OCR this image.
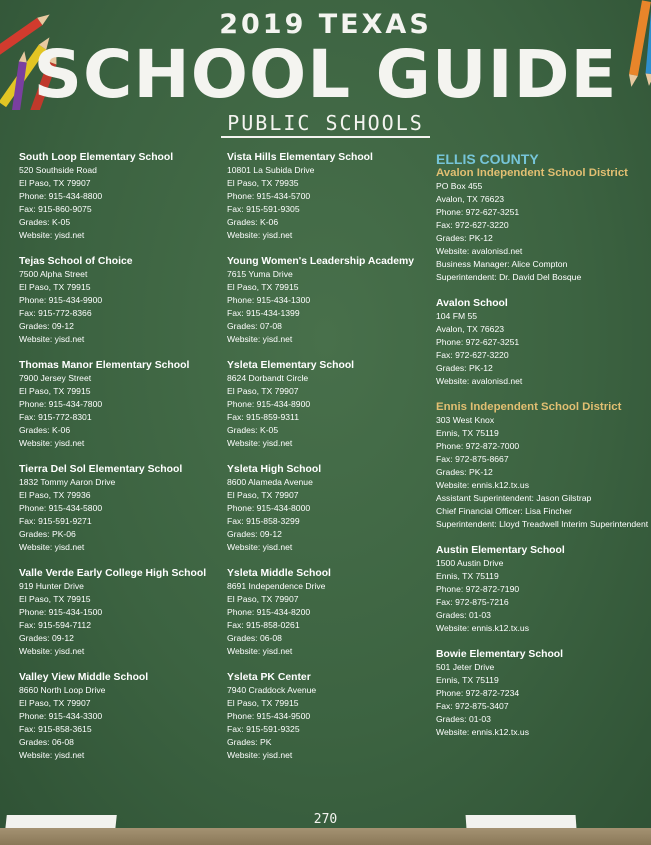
2019 TEXAS
SCHOOL GUIDE
PUBLIC SCHOOLS
South Loop Elementary School
520 Southside Road
El Paso, TX 79907
Phone: 915-434-8800
Fax: 915-860-9075
Grades: K-05
Website: yisd.net
Tejas School of Choice
7500 Alpha Street
El Paso, TX 79915
Phone: 915-434-9900
Fax: 915-772-8366
Grades: 09-12
Website: yisd.net
Thomas Manor Elementary School
7900 Jersey Street
El Paso, TX 79915
Phone: 915-434-7800
Fax: 915-772-8301
Grades: K-06
Website: yisd.net
Tierra Del Sol Elementary School
1832 Tommy Aaron Drive
El Paso, TX 79936
Phone: 915-434-5800
Fax: 915-591-9271
Grades: PK-06
Website: yisd.net
Valle Verde Early College High School
919 Hunter Drive
El Paso, TX 79915
Phone: 915-434-1500
Fax: 915-594-7112
Grades: 09-12
Website: yisd.net
Valley View Middle School
8660 North Loop Drive
El Paso, TX 79907
Phone: 915-434-3300
Fax: 915-858-3615
Grades: 06-08
Website: yisd.net
Vista Hills Elementary School
10801 La Subida Drive
El Paso, TX 79935
Phone: 915-434-5700
Fax: 915-591-9305
Grades: K-06
Website: yisd.net
Young Women's Leadership Academy
7615 Yuma Drive
El Paso, TX 79915
Phone: 915-434-1300
Fax: 915-434-1399
Grades: 07-08
Website: yisd.net
Ysleta Elementary School
8624 Dorbandt Circle
El Paso, TX 79907
Phone: 915-434-8900
Fax: 915-859-9311
Grades: K-05
Website: yisd.net
Ysleta High School
8600 Alameda Avenue
El Paso, TX 79907
Phone: 915-434-8000
Fax: 915-858-3299
Grades: 09-12
Website: yisd.net
Ysleta Middle School
8691 Independence Drive
El Paso, TX 79907
Phone: 915-434-8200
Fax: 915-858-0261
Grades: 06-08
Website: yisd.net
Ysleta PK Center
7940 Craddock Avenue
El Paso, TX 79915
Phone: 915-434-9500
Fax: 915-591-9325
Grades: PK
Website: yisd.net
ELLIS COUNTY
Avalon Independent School District
PO Box 455
Avalon, TX 76623
Phone: 972-627-3251
Fax: 972-627-3220
Grades: PK-12
Website: avalonisd.net
Business Manager: Alice Compton
Superintendent: Dr. David Del Bosque
Avalon School
104 FM 55
Avalon, TX 76623
Phone: 972-627-3251
Fax: 972-627-3220
Grades: PK-12
Website: avalonisd.net
Ennis Independent School District
303 West Knox
Ennis, TX 75119
Phone: 972-872-7000
Fax: 972-875-8667
Grades: PK-12
Website: ennis.k12.tx.us
Assistant Superintendent: Jason Gilstrap
Chief Financial Officer: Lisa Fincher
Superintendent: Lloyd Treadwell Interim Superintendent
Austin Elementary School
1500 Austin Drive
Ennis, TX 75119
Phone: 972-872-7190
Fax: 972-875-7216
Grades: 01-03
Website: ennis.k12.tx.us
Bowie Elementary School
501 Jeter Drive
Ennis, TX 75119
Phone: 972-872-7234
Fax: 972-875-3407
Grades: 01-03
Website: ennis.k12.tx.us
270
